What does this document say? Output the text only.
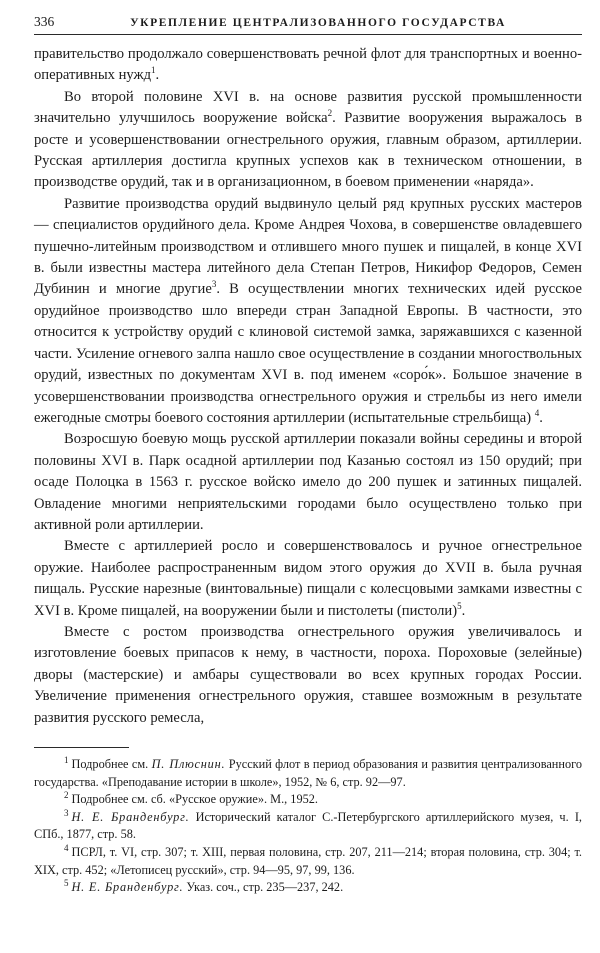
336	УКРЕПЛЕНИЕ ЦЕНТРАЛИЗОВАННОГО ГОСУДАРСТВА

правительство продолжало совершенствовать речной флот для транспортных и военно-оперативных нужд$^1$.

Во второй половине XVI в. на основе развития русской промышленности значительно улучшилось вооружение войска$^2$. Развитие вооружения выражалось в росте и усовершенствовании огнестрельного оружия, главным образом, артиллерии. Русская артиллерия достигла крупных успехов как в техническом отношении, в производстве орудий, так и в организационном, в боевом применении «наряда».

Развитие производства орудий выдвинуло целый ряд крупных русских мастеров — специалистов орудийного дела. Кроме Андрея Чохова, в совершенстве овладевшего пушечно-литейным производством и отлившего много пушек и пищалей, в конце XVI в. были известны мастера литейного дела Степан Петров, Никифор Федоров, Семен Дубинин и многие другие$^3$. В осуществлении многих технических идей русское орудийное производство шло впереди стран Западной Европы. В частности, это относится к устройству орудий с клиновой системой замка, заряжавшихся с казенной части. Усиление огневого залпа нашло свое осуществление в создании многоствольных орудий, известных по документам XVI в. под именем «соро́к». Большое значение в усовершенствовании производства огнестрельного оружия и стрельбы из него имели ежегодные смотры боевого состояния артиллерии (испытательные стрельбища) $^4$.

Возросшую боевую мощь русской артиллерии показали войны середины и второй половины XVI в. Парк осадной артиллерии под Казанью состоял из 150 орудий; при осаде Полоцка в 1563 г. русское войско имело до 200 пушек и затинных пищалей. Овладение многими неприятельскими городами было осуществлено только при активной роли артиллерии.

Вместе с артиллерией росло и совершенствовалось и ручное огнестрельное оружие. Наиболее распространенным видом этого оружия до XVII в. была ручная пищаль. Русские нарезные (винтовальные) пищали с колесцовыми замками известны с XVI в. Кроме пищалей, на вооружении были и пистолеты (пистоли)$^5$.

Вместе с ростом производства огнестрельного оружия увеличивалось и изготовление боевых припасов к нему, в частности, пороха. Пороховые (зелейные) дворы (мастерские) и амбары существовали во всех крупных городах России. Увеличение применения огнестрельного оружия, ставшее возможным в результате развития русского ремесла,

$^1$ Подробнее см. П. Плюснин. Русский флот в период образования и развития централизованного государства. «Преподавание истории в школе», 1952, № 6, стр. 92—97.

$^2$ Подробнее см. сб. «Русское оружие». М., 1952.

$^3$ Н. Е. Бранденбург. Исторический каталог С.-Петербургского артиллерийского музея, ч. I, СПб., 1877, стр. 58.

$^4$ ПСРЛ, т. VI, стр. 307; т. XIII, первая половина, стр. 207, 211—214; вторая половина, стр. 304; т. XIX, стр. 452; «Летописец русский», стр. 94—95, 97, 99, 136.

$^5$ Н. Е. Бранденбург. Указ. соч., стр. 235—237, 242.
